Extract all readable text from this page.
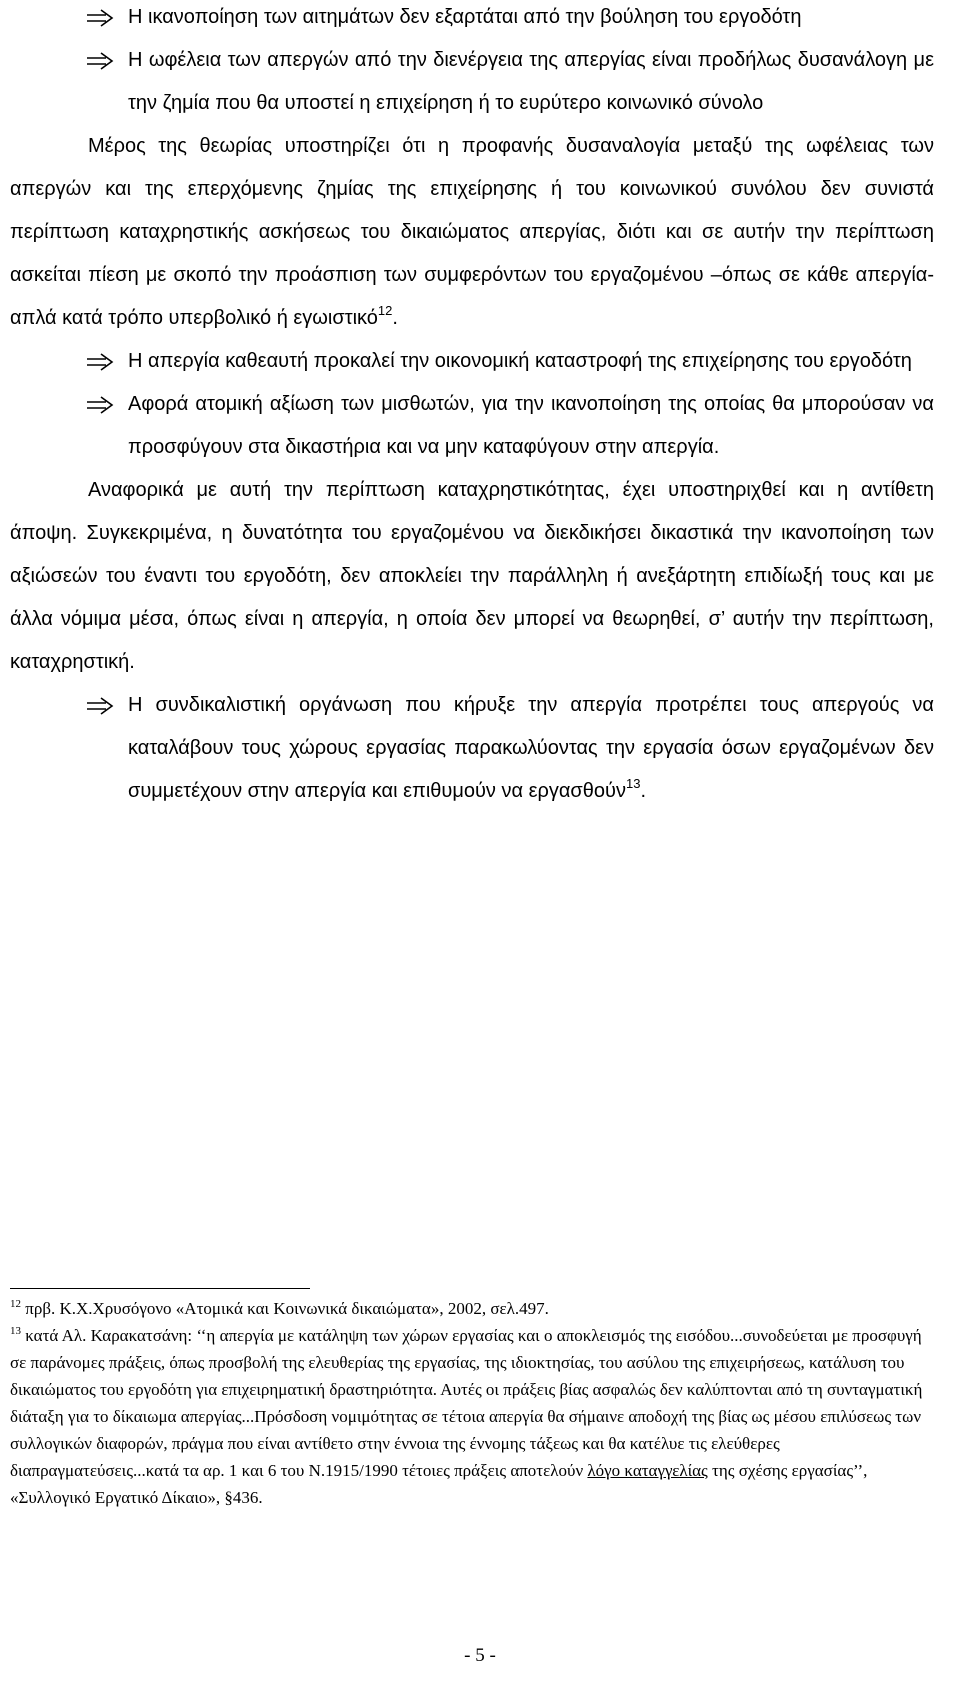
Η ικανοποίηση των αιτημάτων δεν εξαρτάται από την βούληση του εργοδότη
Η ωφέλεια των απεργών από την διενέργεια της απεργίας είναι προδήλως δυσανάλογη με την ζημία που θα υποστεί η επιχείρηση ή το ευρύτερο κοινωνικό σύνολο

Μέρος της θεωρίας υποστηρίζει ότι η προφανής δυσαναλογία μεταξύ της ωφέλειας των απεργών και της επερχόμενης ζημίας της επιχείρησης ή του κοινωνικού συνόλου δεν συνιστά περίπτωση καταχρηστικής ασκήσεως του δικαιώματος απεργίας, διότι και σε αυτήν την περίπτωση ασκείται πίεση με σκοπό την προάσπιση των συμφερόντων του εργαζομένου –όπως σε κάθε απεργία- απλά κατά τρόπο υπερβολικό ή εγωιστικό$^{12}$.

Η απεργία καθεαυτή προκαλεί την οικονομική καταστροφή της επιχείρησης του εργοδότη
Αφορά ατομική αξίωση των μισθωτών, για την ικανοποίηση της οποίας θα μπορούσαν να προσφύγουν στα δικαστήρια και να μην καταφύγουν στην απεργία.

Αναφορικά με αυτή την περίπτωση καταχρηστικότητας, έχει υποστηριχθεί και η αντίθετη άποψη. Συγκεκριμένα, η δυνατότητα του εργαζομένου να διεκδικήσει δικαστικά την ικανοποίηση των αξιώσεών του έναντι του εργοδότη, δεν αποκλείει την παράλληλη ή ανεξάρτητη επιδίωξή τους και με άλλα νόμιμα μέσα, όπως είναι η απεργία, η οποία δεν μπορεί να θεωρηθεί, σ’ αυτήν την περίπτωση, καταχρηστική.

Η συνδικαλιστική οργάνωση που κήρυξε την απεργία προτρέπει τους απεργούς να καταλάβουν τους χώρους εργασίας παρακωλύοντας την εργασία όσων εργαζομένων δεν συμμετέχουν στην απεργία και επιθυμούν να εργασθούν$^{13}$.

$^{12}$ πρβ. Κ.Χ.Χρυσόγονο «Ατομικά και Κοινωνικά δικαιώματα», 2002, σελ.497.

$^{13}$ κατά Αλ. Καρακατσάνη: ‘‘η απεργία με κατάληψη των χώρων εργασίας και ο αποκλεισμός της εισόδου...συνοδεύεται με προσφυγή σε παράνομες πράξεις, όπως προσβολή της ελευθερίας της εργασίας, της ιδιοκτησίας, του ασύλου της επιχειρήσεως, κατάλυση του δικαιώματος του εργοδότη για επιχειρηματική δραστηριότητα. Αυτές οι πράξεις βίας ασφαλώς δεν καλύπτονται από τη συνταγματική διάταξη για το δίκαιωμα απεργίας...Πρόσδοση νομιμότητας σε τέτοια απεργία θα σήμαινε αποδοχή της βίας ως μέσου επιλύσεως των συλλογικών διαφορών, πράγμα που είναι αντίθετο στην έννοια της έννομης τάξεως και θα κατέλυε τις ελεύθερες διαπραγματεύσεις...κατά τα αρ. 1 και 6 του Ν.1915/1990 τέτοιες πράξεις αποτελούν λόγο καταγγελίας της σχέσης εργασίας’’, «Συλλογικό Εργατικό Δίκαιο», §436.

- 5 -
